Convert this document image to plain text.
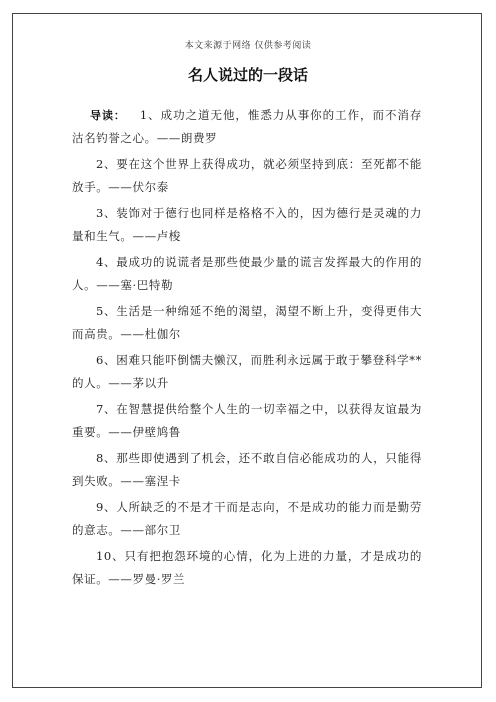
本文来源于网络 仅供参考阅读
名人说过的一段话

导读： 1、成功之道无他，惟悉力从事你的工作，而不消存沽名钓誉之心。——朗费罗

2、要在这个世界上获得成功，就必须坚持到底：至死都不能放手。——伏尔泰

3、装饰对于德行也同样是格格不入的，因为德行是灵魂的力量和生气。——卢梭

4、最成功的说谎者是那些使最少量的谎言发挥最大的作用的人。——塞·巴特勒

5、生活是一种绵延不绝的渴望，渴望不断上升，变得更伟大而高贵。——杜伽尔

6、困难只能吓倒懦夫懒汉，而胜利永远属于敢于攀登科学**的人。——茅以升

7、在智慧提供给整个人生的一切幸福之中，以获得友谊最为重要。——伊壁鸠鲁

8、那些即使遇到了机会，还不敢自信必能成功的人，只能得到失败。——塞涅卡

9、人所缺乏的不是才干而是志向，不是成功的能力而是勤劳的意志。——部尔卫

10、只有把抱怨环境的心情，化为上进的力量，才是成功的保证。——罗曼·罗兰
